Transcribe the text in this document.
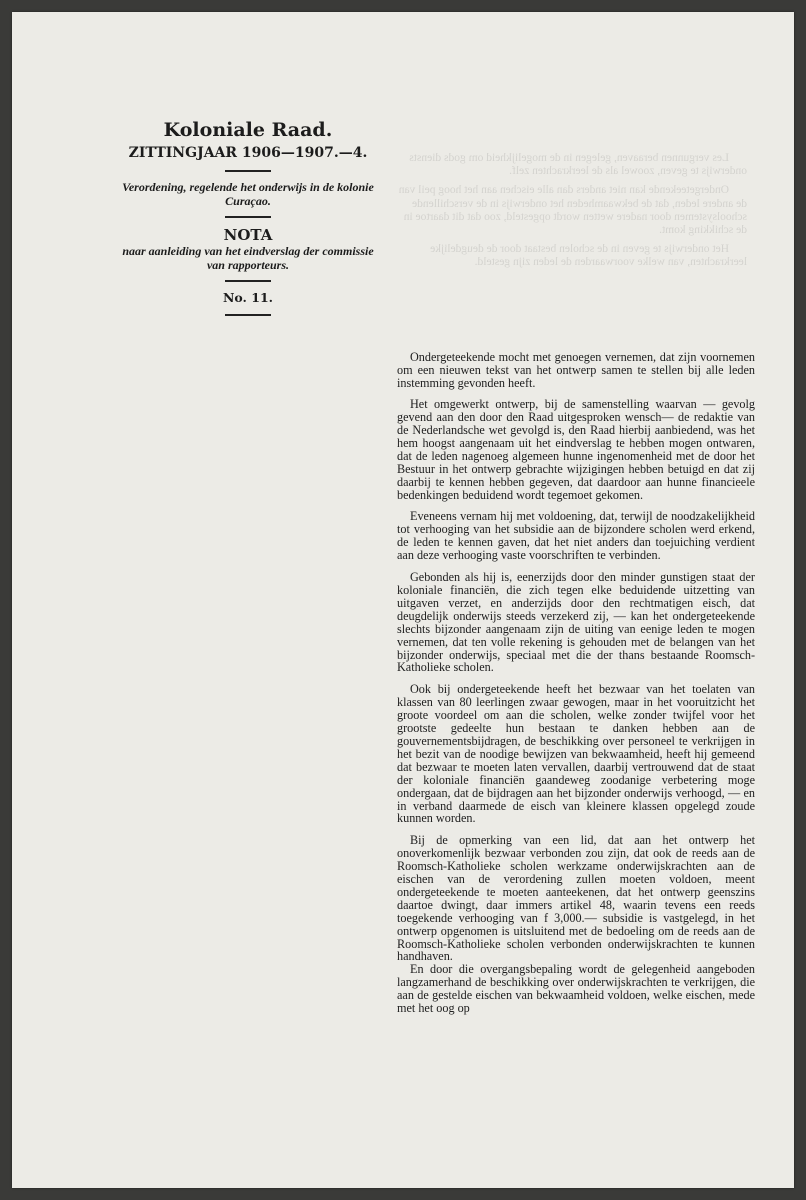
Koloniale Raad.

ZITTINGJAAR 1906—1907.—4.

Verordening, regelende het onderwijs in de kolonie Curaçao.

NOTA

naar aanleiding van het eindverslag der commissie van rapporteurs.

No. 11.

Les vergunnen beraaven, gelegen in de mogelijkheid om gods diensts onderwijs te geven, zoowel als de leerkrachten zelf.

Ondergeteekende kan niet anders dan alle eischen aan het hoog peil van de andere leden, dat de bekwaamheden het onderwijs in de verschillende schoolsystemen door nadere wetten wordt opgesteld, zoo dat dit daartoe in de schikking komt.

Het onderwijs te geven in de scholen bestaat door de deugdelijke leerkrachten, van welke voorwaarden de leden zijn gesteld.

Ondergeteekende mocht met genoegen vernemen, dat zijn voornemen om een nieuwen tekst van het ontwerp samen te stellen bij alle leden instemming gevonden heeft.

Het omgewerkt ontwerp, bij de samenstelling waarvan — gevolg gevend aan den door den Raad uitgesproken wensch— de redaktie van de Nederlandsche wet gevolgd is, den Raad hierbij aanbiedend, was het hem hoogst aangenaam uit het eindverslag te hebben mogen ontwaren, dat de leden nagenoeg algemeen hunne ingenomenheid met de door het Bestuur in het ontwerp gebrachte wijzigingen hebben betuigd en dat zij daarbij te kennen hebben gegeven, dat daardoor aan hunne financieele bedenkingen beduidend wordt tegemoet gekomen.

Eveneens vernam hij met voldoening, dat, terwijl de noodzakelijkheid tot verhooging van het subsidie aan de bijzondere scholen werd erkend, de leden te kennen gaven, dat het niet anders dan toejuiching verdient aan deze verhooging vaste voorschriften te verbinden.

Gebonden als hij is, eenerzijds door den minder gunstigen staat der koloniale financiën, die zich tegen elke beduidende uitzetting van uitgaven verzet, en anderzijds door den rechtmatigen eisch, dat deugdelijk onderwijs steeds verzekerd zij, — kan het ondergeteekende slechts bijzonder aangenaam zijn de uiting van eenige leden te mogen vernemen, dat ten volle rekening is gehouden met de belangen van het bijzonder onderwijs, speciaal met die der thans bestaande Roomsch-Katholieke scholen.

Ook bij ondergeteekende heeft het bezwaar van het toelaten van klassen van 80 leerlingen zwaar gewogen, maar in het vooruitzicht het groote voordeel om aan die scholen, welke zonder twijfel voor het grootste gedeelte hun bestaan te danken hebben aan de gouvernementsbijdragen, de beschikking over personeel te verkrijgen in het bezit van de noodige bewijzen van bekwaamheid, heeft hij gemeend dat bezwaar te moeten laten vervallen, daarbij vertrouwend dat de staat der koloniale financiën gaandeweg zoodanige verbetering moge ondergaan, dat de bijdragen aan het bijzonder onderwijs verhoogd, — en in verband daarmede de eisch van kleinere klassen opgelegd zoude kunnen worden.

Bij de opmerking van een lid, dat aan het ontwerp het onoverkomenlijk bezwaar verbonden zou zijn, dat ook de reeds aan de Roomsch-Katholieke scholen werkzame onderwijskrachten aan de eischen van de verordening zullen moeten voldoen, meent ondergeteekende te moeten aanteekenen, dat het ontwerp geenszins daartoe dwingt, daar immers artikel 48, waarin tevens een reeds toegekende verhooging van f 3,000.— subsidie is vastgelegd, in het ontwerp opgenomen is uitsluitend met de bedoeling om de reeds aan de Roomsch-Katholieke scholen verbonden onderwijskrachten te kunnen handhaven.

En door die overgangsbepaling wordt de gelegenheid aangeboden langzamerhand de beschikking over onderwijskrachten te verkrijgen, die aan de gestelde eischen van bekwaamheid voldoen, welke eischen, mede met het oog op
